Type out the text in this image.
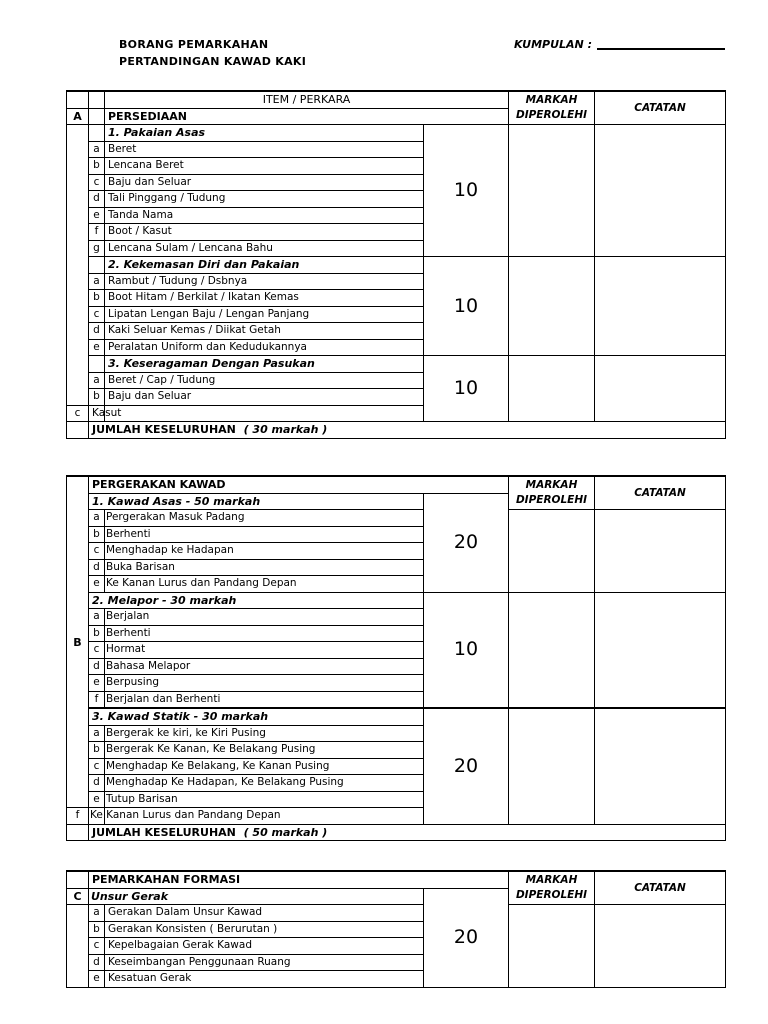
BORANG PEMARKAHAN
PERTANDINGAN KAWAD KAKI
KUMPULAN :
		ITEM / PERKARA		MARKAH
DIPEROLEHI	CATATAN
A		PERSEDIAAN			
		1. Pakaian Asas	10		
	a	Beret			
	b	Lencana Beret			
	c	Baju dan Seluar			
	d	Tali Pinggang / Tudung			
	e	Tanda Nama			
	f	Boot / Kasut			
	g	Lencana Sulam / Lencana Bahu			
		2. Kekemasan Diri dan Pakaian	10		
	a	Rambut / Tudung / Dsbnya			
	b	Boot Hitam / Berkilat / Ikatan Kemas			
	c	Lipatan Lengan Baju / Lengan Panjang			
	d	Kaki Seluar Kemas / Diikat Getah			
	e	Peralatan Uniform dan Kedudukannya			
		3. Keseragaman Dengan Pasukan	10		
	a	Beret / Cap / Tudung			
	b	Baju dan Seluar			
c	Kasut				
	JUMLAH KESELURUHAN ( 30 markah )				
B	PERGERAKAN KAWAD			MARKAH
DIPEROLEHI	CATATAN
	1. Kawad Asas - 50 markah		20		
	a	Pergerakan Masuk Padang			
	b	Berhenti			
	c	Menghadap ke Hadapan			
	d	Buka Barisan			
	e	Ke Kanan Lurus dan Pandang Depan			
	2. Melapor - 30 markah		10		
	a	Berjalan			
	b	Berhenti			
	c	Hormat			
	d	Bahasa Melapor			
	e	Berpusing			
	f	Berjalan dan Berhenti			
	3. Kawad Statik - 30 markah		20		
	a	Bergerak ke kiri, ke Kiri Pusing			
	b	Bergerak Ke Kanan, Ke Belakang Pusing			
	c	Menghadap Ke Belakang, Ke Kanan Pusing			
	d	Menghadap Ke Hadapan, Ke Belakang Pusing			
	e	Tutup Barisan			
f	Ke Kanan Lurus dan Pandang Depan				
	JUMLAH KESELURUHAN ( 50 markah )				
	PEMARKAHAN FORMASI			MARKAH
DIPEROLEHI	CATATAN
C	Unsur Gerak		20		
	a	Gerakan Dalam Unsur Kawad			
	b	Gerakan Konsisten ( Berurutan )			
	c	Kepelbagaian Gerak Kawad			
	d	Keseimbangan Penggunaan Ruang			
	e	Kesatuan Gerak			
